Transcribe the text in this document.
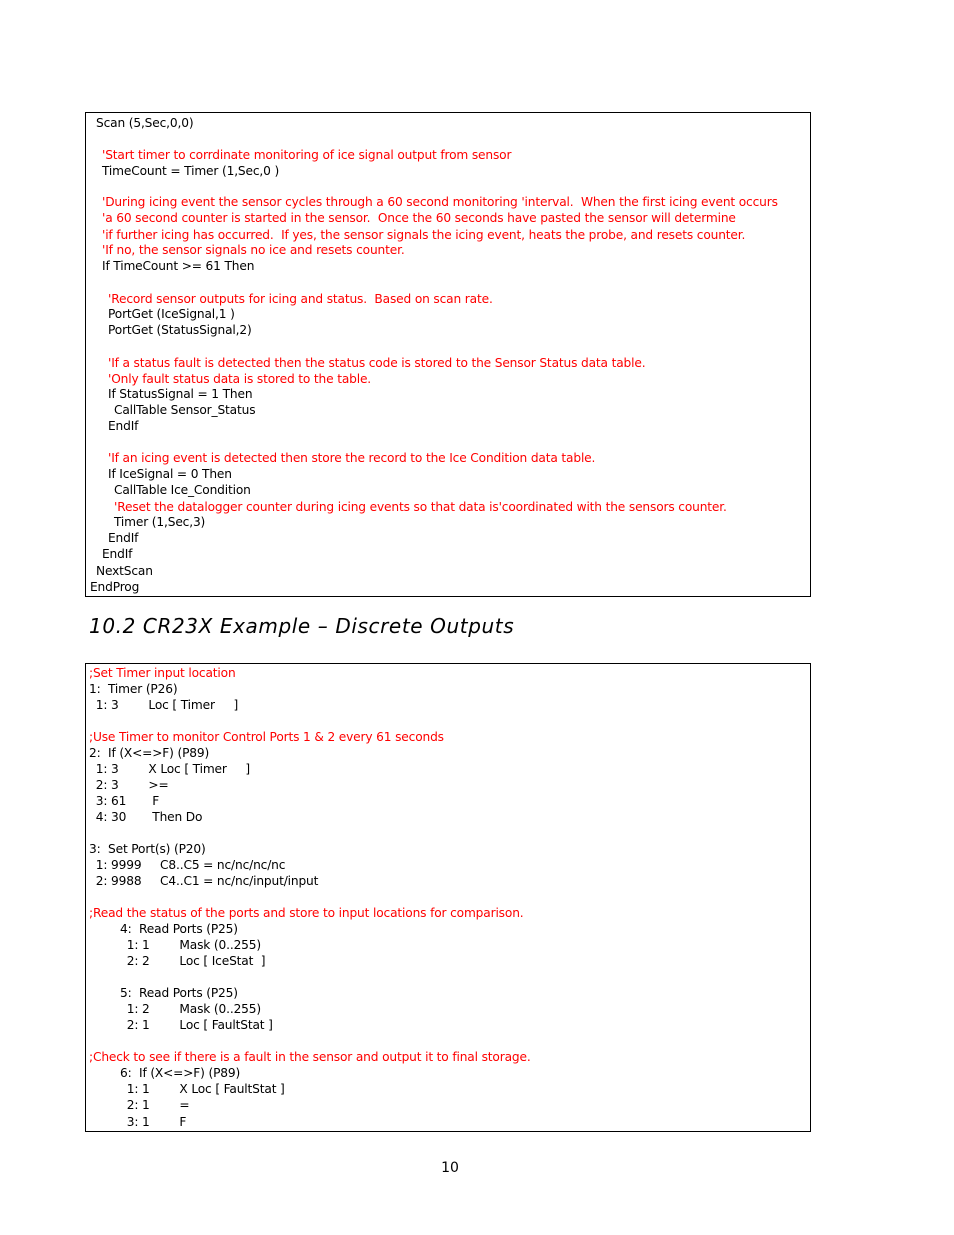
Scan (5,Sec,0,0)
'Start timer to corrdinate monitoring of ice signal output from sensor
TimeCount = Timer (1,Sec,0 )
'During icing event the sensor cycles through a 60 second monitoring 'interval.  When the first icing event occurs
'a 60 second counter is started in the sensor.  Once the 60 seconds have pasted the sensor will determine
'if further icing has occurred.  If yes, the sensor signals the icing event, heats the probe, and resets counter.
'If no, the sensor signals no ice and resets counter.
If TimeCount >= 61 Then
'Record sensor outputs for icing and status.  Based on scan rate.
PortGet (IceSignal,1 )
PortGet (StatusSignal,2)
'If a status fault is detected then the status code is stored to the Sensor Status data table.
'Only fault status data is stored to the table.
If StatusSignal = 1 Then
CallTable Sensor_Status
EndIf
'If an icing event is detected then store the record to the Ice Condition data table.
If IceSignal = 0 Then
CallTable Ice_Condition
'Reset the datalogger counter during icing events so that data is'coordinated with the sensors counter.
Timer (1,Sec,3)
EndIf
EndIf
NextScan
EndProg
10.2 CR23X Example – Discrete Outputs
;Set Timer input location
1:  Timer (P26)
1: 3        Loc [ Timer     ]
;Use Timer to monitor Control Ports 1 & 2 every 61 seconds
2:  If (X<=>F) (P89)
1: 3        X Loc [ Timer     ]
2: 3        >=
3: 61       F
4: 30       Then Do
3:  Set Port(s) (P20)
1: 9999     C8..C5 = nc/nc/nc/nc
2: 9988     C4..C1 = nc/nc/input/input
;Read the status of the ports and store to input locations for comparison.
4:  Read Ports (P25)
1: 1        Mask (0..255)
2: 2        Loc [ IceStat  ]
5:  Read Ports (P25)
1: 2        Mask (0..255)
2: 1        Loc [ FaultStat ]
;Check to see if there is a fault in the sensor and output it to final storage.
6:  If (X<=>F) (P89)
1: 1        X Loc [ FaultStat ]
2: 1        =
3: 1        F
10
